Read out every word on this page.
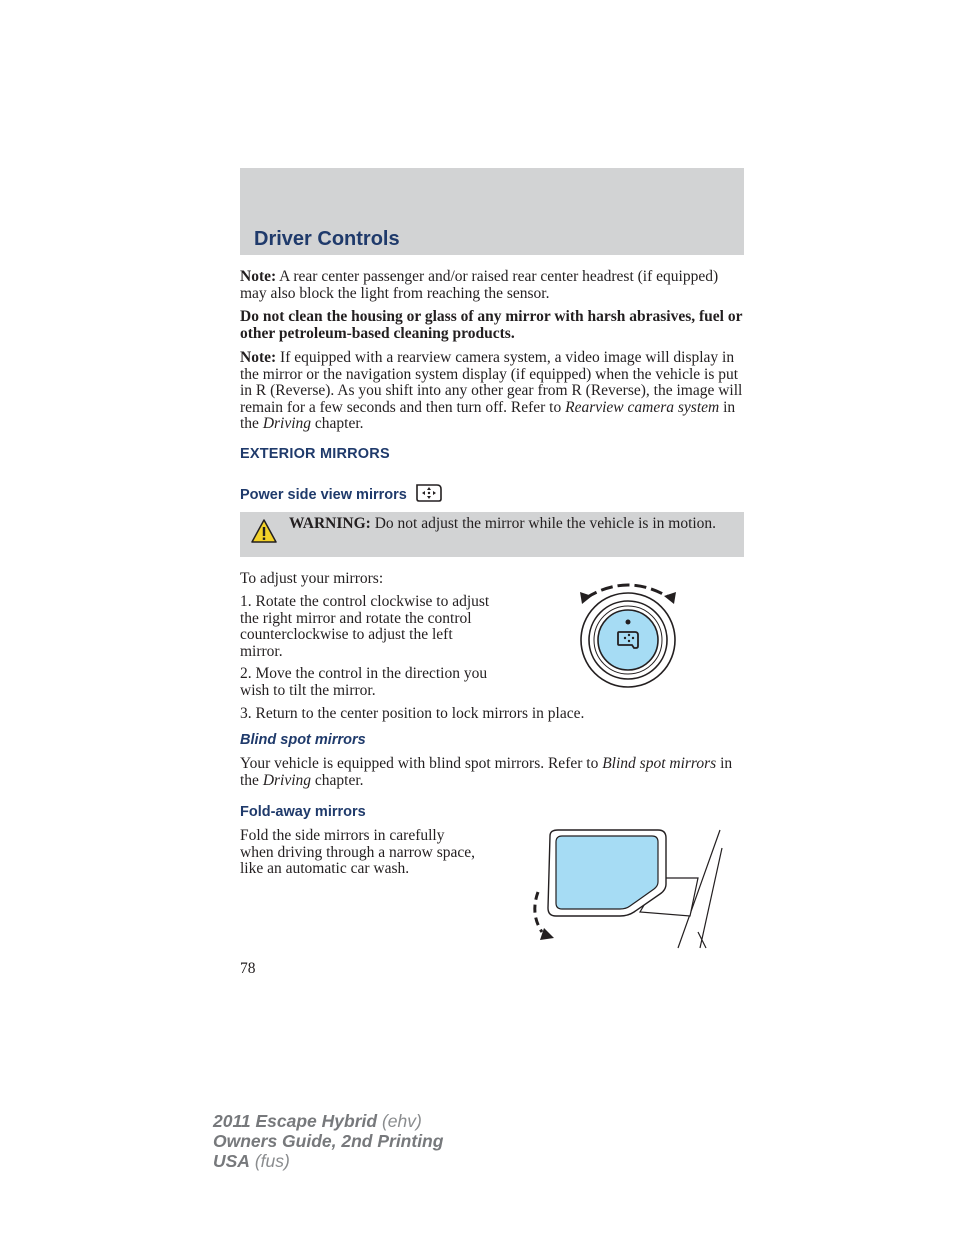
Driver Controls

Note: A rear center passenger and/or raised rear center headrest (if equipped) may also block the light from reaching the sensor.

Do not clean the housing or glass of any mirror with harsh abrasives, fuel or other petroleum-based cleaning products.

Note: If equipped with a rearview camera system, a video image will display in the mirror or the navigation system display (if equipped) when the vehicle is put in R (Reverse). As you shift into any other gear from R (Reverse), the image will remain for a few seconds and then turn off. Refer to Rearview camera system in the Driving chapter.

EXTERIOR MIRRORS
Power side view mirrors
WARNING: Do not adjust the mirror while the vehicle is in motion.

To adjust your mirrors:

1. Rotate the control clockwise to adjust the right mirror and rotate the control counterclockwise to adjust the left mirror.

2. Move the control in the direction you wish to tilt the mirror.

3. Return to the center position to lock mirrors in place.

Blind spot mirrors

Your vehicle is equipped with blind spot mirrors. Refer to Blind spot mirrors in the Driving chapter.

Fold-away mirrors

Fold the side mirrors in carefully when driving through a narrow space, like an automatic car wash.

78
2011 Escape Hybrid (ehv)
Owners Guide, 2nd Printing
USA (fus)
